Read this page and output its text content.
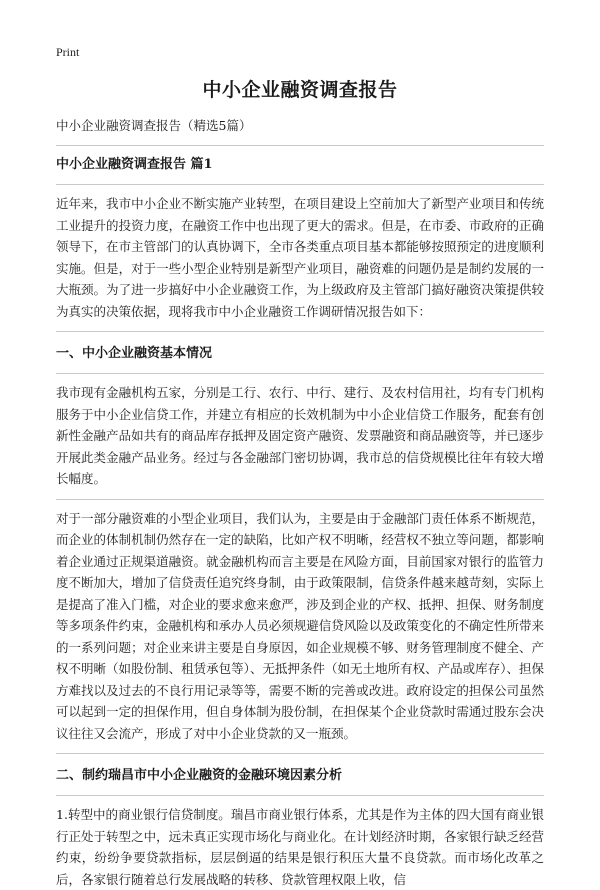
Print
中小企业融资调查报告

中小企业融资调查报告（精选5篇）

中小企业融资调查报告 篇1

近年来，我市中小企业不断实施产业转型，在项目建设上空前加大了新型产业项目和传统工业提升的投资力度，在融资工作中也出现了更大的需求。但是，在市委、市政府的正确领导下，在市主管部门的认真协调下，全市各类重点项目基本都能够按照预定的进度顺利实施。但是，对于一些小型企业特别是新型产业项目，融资难的问题仍是是制约发展的一大瓶颈。为了进一步搞好中小企业融资工作，为上级政府及主管部门搞好融资决策提供较为真实的决策依据，现将我市中小企业融资工作调研情况报告如下：

一、中小企业融资基本情况

我市现有金融机构五家，分别是工行、农行、中行、建行、及农村信用社，均有专门机构服务于中小企业信贷工作，并建立有相应的长效机制为中小企业信贷工作服务，配套有创新性金融产品如共有的商品库存抵押及固定资产融资、发票融资和商品融资等，并已逐步开展此类金融产品业务。经过与各金融部门密切协调，我市总的信贷规模比往年有较大增长幅度。

对于一部分融资难的小型企业项目，我们认为，主要是由于金融部门责任体系不断规范，而企业的体制机制仍然存在一定的缺陷，比如产权不明晰，经营权不独立等问题，都影响着企业通过正规渠道融资。就金融机构而言主要是在风险方面，目前国家对银行的监管力度不断加大，增加了信贷责任追究终身制，由于政策限制，信贷条件越来越苛刻，实际上是提高了准入门槛，对企业的要求愈来愈严，涉及到企业的产权、抵押、担保、财务制度等多项条件约束，金融机构和承办人员必须规避信贷风险以及政策变化的不确定性所带来的一系列问题；对企业来讲主要是自身原因，如企业规模不够、财务管理制度不健全、产权不明晰（如股份制、租赁承包等）、无抵押条件（如无土地所有权、产品或库存）、担保方难找以及过去的不良行用记录等等，需要不断的完善或改进。政府设定的担保公司虽然可以起到一定的担保作用，但自身体制为股份制，在担保某个企业贷款时需通过股东会决议往往又会流产，形成了对中小企业贷款的又一瓶颈。

二、制约瑞昌市中小企业融资的金融环境因素分析

1.转型中的商业银行信贷制度。瑞昌市商业银行体系，尤其是作为主体的四大国有商业银行正处于转型之中，远未真正实现市场化与商业化。在计划经济时期，各家银行缺乏经营约束，纷纷争要贷款指标，层层倒逼的结果是银行积压大量不良贷款。而市场化改革之后，各家银行随着总行发展战略的转移、贷款管理权限上收，信
